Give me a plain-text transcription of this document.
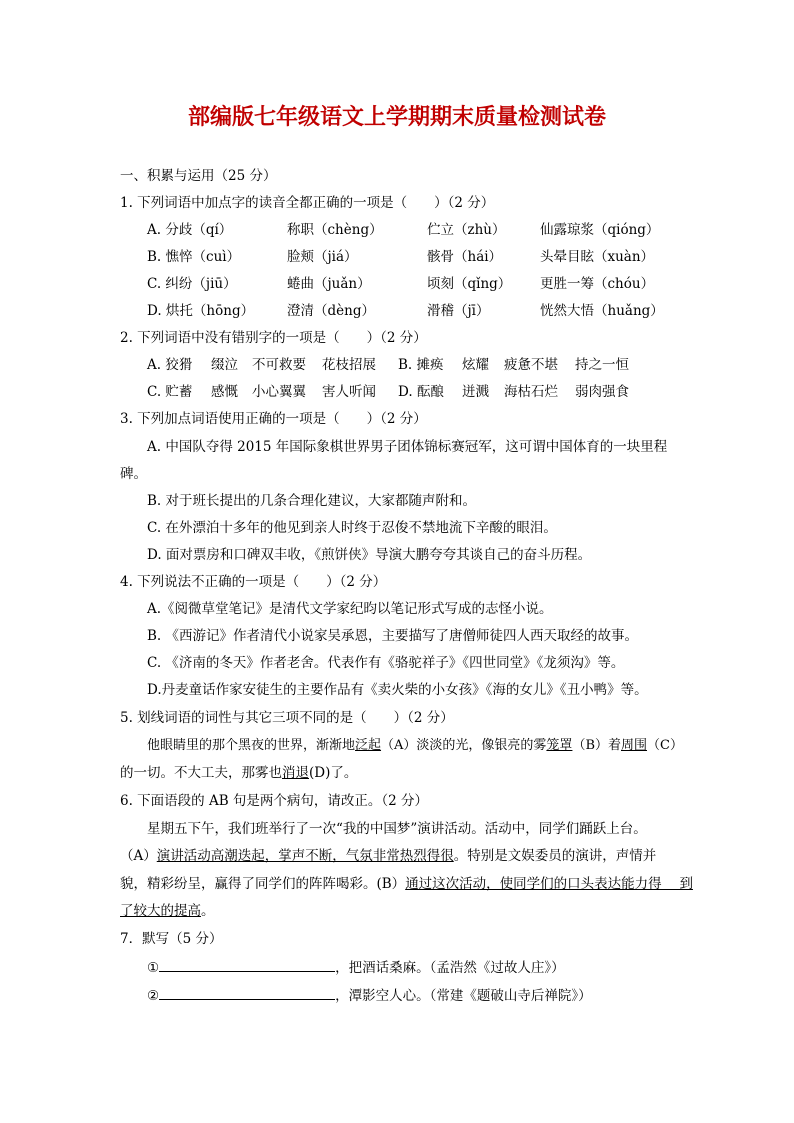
部编版七年级语文上学期期末质量检测试卷
一、积累与运用（25 分）
1. 下列词语中加点字的读音全都正确的一项是（　　）（2 分）
A. 分歧（qí）	称职（chèng）	伫立（zhù）	仙露琼浆（qióng）
B. 憔悴（cuì）	脸颊（jiá）	骸骨（hái）	头晕目眩（xuàn）
C. 纠纷（jiū）	蜷曲（juǎn）	顷刻（qǐng） 更胜一筹（chóu）
D. 烘托（hōng） 澄清（dèng）	滑稽（jī）	恍然大悟（huǎng）
2. 下列词语中没有错别字的一项是（　　）（2 分）
A. 狡猾 缀泣 不可救要 花枝招展 B. 摊痪 炫耀 疲惫不堪 持之一恒
C. 贮蓄 感慨 小心翼翼 害人听闻 D. 酝酿 迸溅 海枯石烂 弱肉强食
3. 下列加点词语使用正确的一项是（　　）（2 分）
A. 中国队夺得 2015 年国际象棋世界男子团体锦标赛冠军，这可谓中国体育的一块里程
碑。
B. 对于班长提出的几条合理化建议，大家都随声附和。
C. 在外漂泊十多年的他见到亲人时终于忍俊不禁地流下辛酸的眼泪。
D. 面对票房和口碑双丰收，《煎饼侠》导演大鹏夸夸其谈自己的奋斗历程。
4. 下列说法不正确的一项是（　　）（2 分）
A.《阅微草堂笔记》是清代文学家纪昀以笔记形式写成的志怪小说。
B. 《西游记》作者清代小说家吴承恩，主要描写了唐僧师徒四人西天取经的故事。
C. 《济南的冬天》作者老舍。代表作有《骆驼祥子》《四世同堂》《龙须沟》等。
D.丹麦童话作家安徒生的主要作品有《卖火柴的小女孩》《海的女儿》《丑小鸭》等。
5. 划线词语的词性与其它三项不同的是（　　）（2 分）
他眼睛里的那个黑夜的世界，渐渐地泛起（A）淡淡的光，像银亮的雾笼罩（B）着周围（C）
的一切。不大工夫，那雾也消退(D)了。
6. 下面语段的 AB 句是两个病句，请改正。（2 分）
星期五下午，我们班举行了一次“我的中国梦”演讲活动。活动中，同学们踊跃上台。
（A）演讲活动高潮迭起，掌声不断，气氛非常热烈得很。特别是文娱委员的演讲，声情并
貌，精彩纷呈，赢得了同学们的阵阵喝彩。(B）通过这次活动，使同学们的口头表达能力得　 到
了较大的提高。
7．默写（5 分）
①	，把酒话桑麻。（孟浩然《过故人庄》）
②	，潭影空人心。（常建《题破山寺后禅院》）
